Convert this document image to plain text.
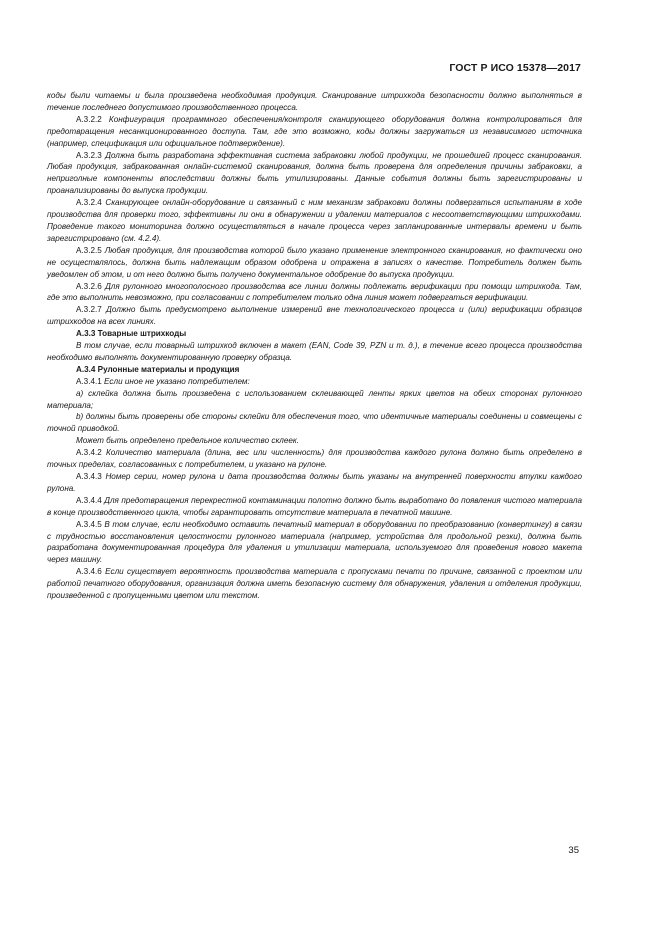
ГОСТ Р ИСО 15378—2017

коды были читаемы и была произведена необходимая продукция. Сканирование штрихкода безопасности должно выполняться в течение последнего допустимого производственного процесса.

А.3.2.2 Конфигурация программного обеспечения/контроля сканирующего оборудования должна контролироваться для предотвращения несанкционированного доступа. Там, где это возможно, коды должны загружаться из независимого источника (например, спецификация или официальное подтверждение).

А.3.2.3 Должна быть разработана эффективная система забраковки любой продукции, не прошедшей процесс сканирования. Любая продукция, забракованная онлайн-системой сканирования, должна быть проверена для определения причины забраковки, а неприголные компоненты впоследствии должны быть утилизированы. Данные события должны быть зарегистрированы и проанализированы до выпуска продукции.

А.3.2.4 Сканирующее онлайн-оборудование и связанный с ним механизм забраковки должны подвергаться испытаниям в ходе производства для проверки того, эффективны ли они в обнаружении и удалении материалов с несоответствующими штрихкодами. Проведение такого мониторинга должно осуществляться в начале процесса через запланированные интервалы времени и быть зарегистрировано (см. 4.2.4).

А.3.2.5 Любая продукция, для производства которой было указано применение электронного сканирования, но фактически оно не осуществлялось, должна быть надлежащим образом одобрена и отражена в записях о качестве. Потребитель должен быть уведомлен об этом, и от него должно быть получено документальное одобрение до выпуска продукции.

А.3.2.6 Для рулонного многополосного производства все линии должны подлежать верификации при помощи штрихкода. Там, где это выполнить невозможно, при согласовании с потребителем только одна линия может подвергаться верификации.

А.3.2.7 Должно быть предусмотрено выполнение измерений вне технологического процесса и (или) верификации образцов штрихкодов на всех линиях.

А.3.3 Товарные штрихкоды

В том случае, если товарный штрихкод включен в макет (EAN, Code 39, PZN и т. д.), в течение всего процесса производства необходимо выполнять документированную проверку образца.

А.3.4 Рулонные материалы и продукция

А.3.4.1 Если иное не указано потребителем:

а) склейка должна быть произведена с использованием склеивающей ленты ярких цветов на обеих сторонах рулонного материала;

b) должны быть проверены обе стороны склейки для обеспечения того, что идентичные материалы соединены и совмещены с точной приводкой.

Может быть определено предельное количество склеек.

А.3.4.2 Количество материала (длина, вес или численность) для производства каждого рулона должно быть определено в точных пределах, согласованных с потребителем, и указано на рулоне.

А.3.4.3 Номер серии, номер рулона и дата производства должны быть указаны на внутренней поверхности втулки каждого рулона.

А.3.4.4 Для предотвращения перекрестной контаминации полотно должно быть выработано до появления чистого материала в конце производственного цикла, чтобы гарантировать отсутствие материала в печатной машине.

А.3.4.5 В том случае, если необходимо оставить печатный материал в оборудовании по преобразованию (конвертингу) в связи с трудностью восстановления целостности рулонного материала (например, устройства для продольной резки), должна быть разработана документированная процедура для удаления и утилизации материала, используемого для проведения нового макета через машину.

А.3.4.6 Если существует вероятность производства материала с пропусками печати по причине, связанной с проектом или работой печатного оборудования, организация должна иметь безопасную систему для обнаружения, удаления и отделения продукции, произведенной с пропущенными цветом или текстом.

35
